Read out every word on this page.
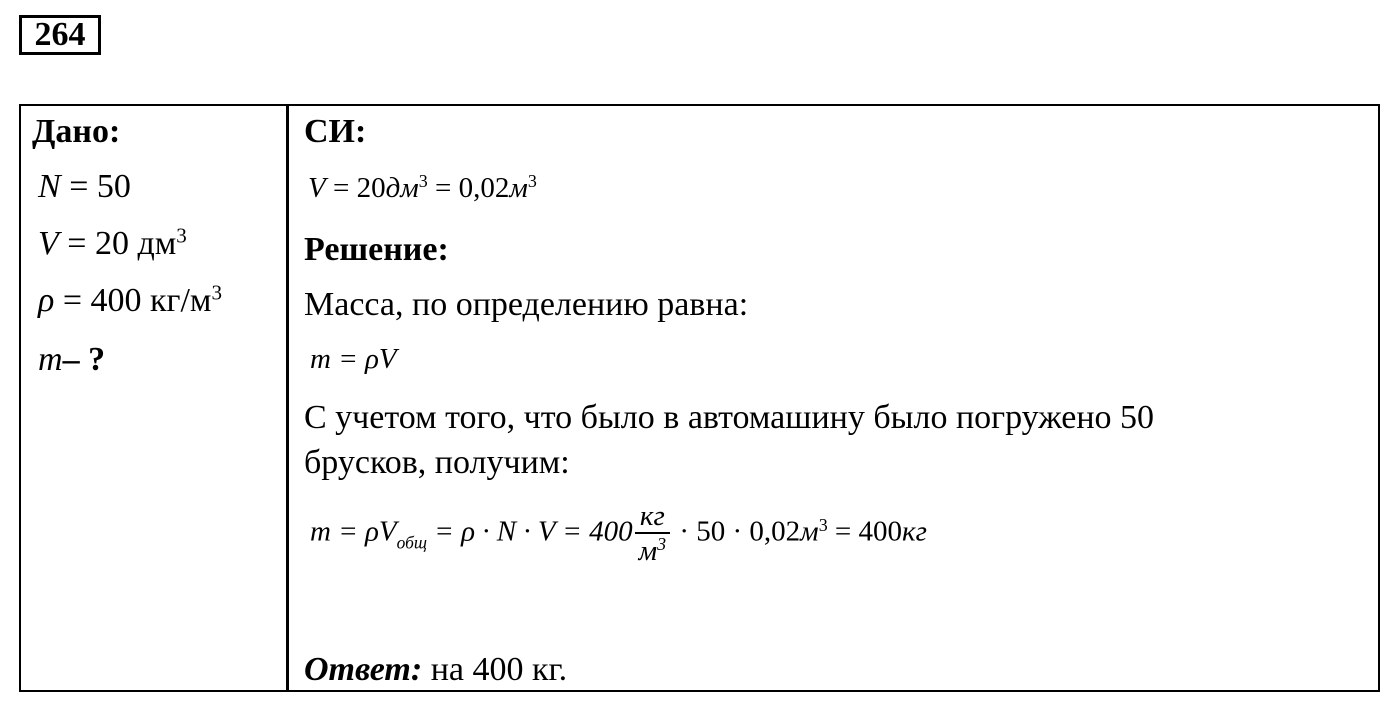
264
Дано:
N = 50
V = 20 $дм^3$
ρ = 400 $кг/м^3$
m– ?
СИ:
$V = 20дм^3 = 0,02м^3$
Решение:
Масса, по определению равна:
m = ρV
С учетом того, что было в автомашину было погружено 50
брусков, получим:
$m = \rho V_{общ} = \rho \cdot N \cdot V = 400 \frac{кг}{м^3} \cdot 50 \cdot 0,02м^3 = 400кг$
Ответ: на 400 кг.
